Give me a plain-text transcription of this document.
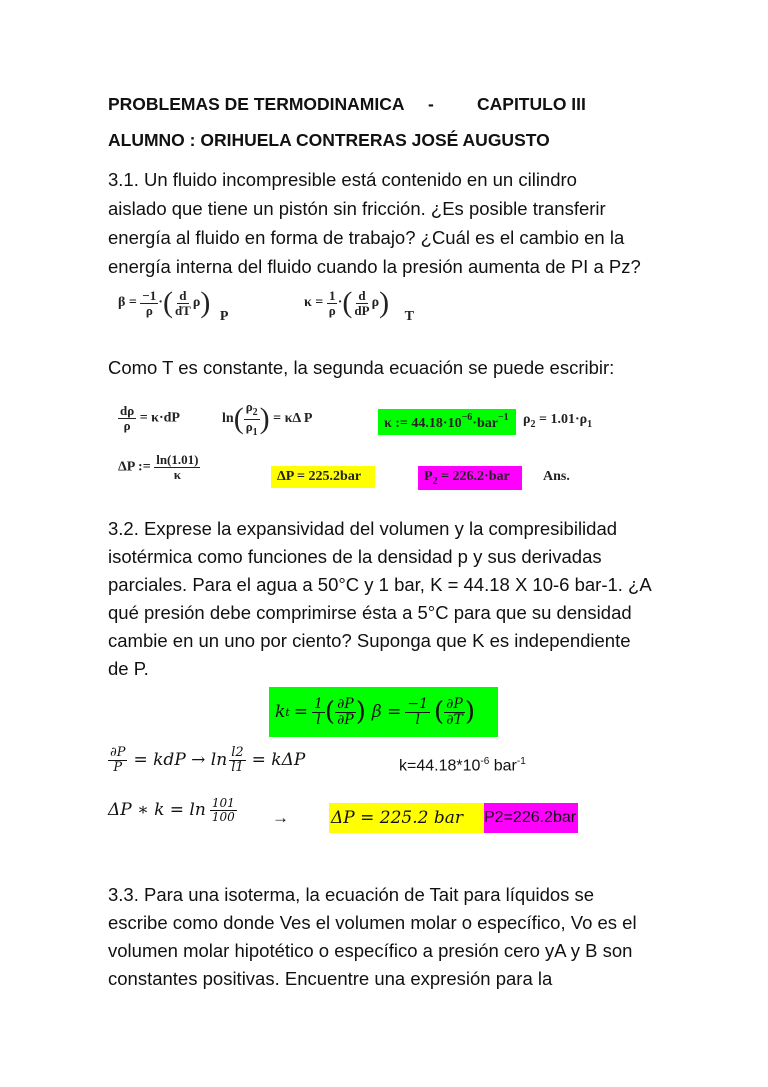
PROBLEMAS DE TERMODINAMICA - CAPITULO III
ALUMNO : ORIHUELA CONTRERAS JOSÉ AUGUSTO
3.1. Un fluido incompresible está contenido en un cilindro
aislado que tiene un pistón sin fricción. ¿Es posible transferir
energía al fluido en forma de trabajo? ¿Cuál es el cambio en la
energía interna del fluido cuando la presión aumenta de PI a Pz?
$\beta = \frac{-1}{\rho}$ ·( $\frac{d}{dT} \rho$) P
$\kappa = \frac{1}{\rho}$ ·( $\frac{d}{dP} \rho$) T
Como T es constante, la segunda ecuación se puede escribir:
$\frac{d\rho}{\rho} = \kappa\cdot dP$	$\ln( \frac{\rho_2}{\rho_1}$ ) = κΔ P	κ := $44.18\cdot 10^{-6}\cdot bar^{-1}$	$\rho_2 = 1.01\cdot\rho_1$
ΔP := $\frac{\ln(1.01)}{\kappa}$	ΔP = 225.2bar	$P_2 = 226.2\cdot bar$	Ans.
3.2. Exprese la expansividad del volumen y la compresibilidad
isotérmica como funciones de la densidad p y sus derivadas
parciales. Para el agua a 50°C y 1 bar, K = 44.18 X 10-6 bar-1. ¿A
qué presión debe comprimirse ésta a 5°C para que su densidad
cambie en un uno por ciento? Suponga que K es independiente
de P.
k $t = \frac{1}{l}$ ( $\frac{\partial P}{\partial P}$ ) $\beta = \frac{-1}{l}$ ( $\frac{\partial P}{\partial T}$ )
$\frac{\partial P}{P}$ = kdP → $\ln \frac{l2}{l1} = k\Delta P$	$k=44.18*10^{-6}$ bar$^{-1}$
ΔP ∗ $k = \ln \frac{101}{100} \to \Delta P = 225.2$ bar	P2=226.2bar
3.3. Para una isoterma, la ecuación de Tait para líquidos se
escribe como donde Ves el volumen molar o específico, Vo es el
volumen molar hipotético o específico a presión cero yA y B son
constantes positivas. Encuentre una expresión para la
